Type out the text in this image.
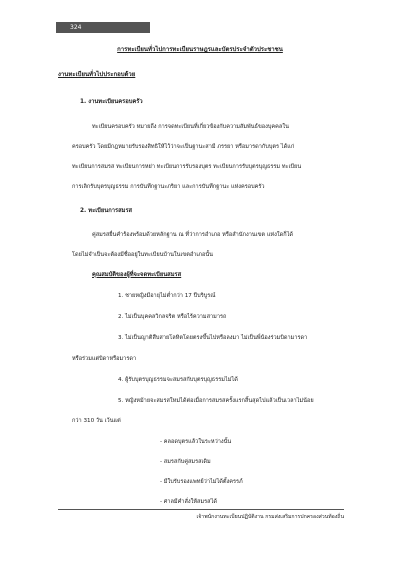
324
การทะเบียนทั่วไปการทะเบียนราษฎรและบัตรประจำตัวประชาชน
งานทะเบียนทั่วไปประกอบด้วย
1. งานทะเบียนครอบครัว
ทะเบียนครอบครัว หมายถึง การจดทะเบียนที่เกี่ยวข้องกับความสัมพันธ์ของบุคคลใน
ครอบครัว โดยมีกฎหมายรับรองสิทธิให้ไว้ว่าจะเป็นฐานะสามี ภรรยา หรือมารดากับบุตร ได้แก่
ทะเบียนการสมรส ทะเบียนการหย่า ทะเบียนการรับรองบุตร ทะเบียนการรับบุตรบุญธรรม ทะเบียน
การเลิกรับบุตรบุญธรรม การบันทึกฐานะภริยา และการบันทึกฐานะ แห่งครอบครัว
2. ทะเบียนการสมรส
คู่สมรสยื่นคำร้องพร้อมด้วยหลักฐาน ณ ที่ว่าการอำเภอ หรือสำนักงานเขต แห่งใดก็ได้
โดยไม่จำเป็นจะต้องมีชื่ออยู่ในทะเบียนบ้านในเขตอำเภอนั้น
คุณสมบัติของผู้ที่จะจดทะเบียนสมรส
1. ชายหญิงมีอายุไม่ต่ำกว่า 17 ปีบริบูรณ์
2. ไม่เป็นบุคคลวิกลจริต หรือไร้ความสามารถ
3. ไม่เป็นญาติสืบสายโลหิตโดยตรงขึ้นไปหรือลงมา ไม่เป็นพี่น้องร่วมบิดามารดา
หรือร่วมแต่บิดาหรือมารดา
4. ผู้รับบุตรบุญธรรมจะสมรสกับบุตรบุญธรรมไม่ได้
5. หญิงหม้ายจะสมรสใหม่ได้ต่อเมื่อการสมรสครั้งแรกสิ้นสุดไปแล้วเป็นเวลาไม่น้อย
กว่า 310 วัน เว้นแต่
- คลอดบุตรแล้วในระหว่างนั้น
- สมรสกับคู่สมรสเดิม
- มีใบรับรองแพทย์ว่าไม่ได้ตั้งครรภ์
- ศาลมีคำสั่งให้สมรสได้
เจ้าพนักงานทะเบียนปฏิบัติงาน กรมส่งเสริมการปกครองส่วนท้องถิ่น
